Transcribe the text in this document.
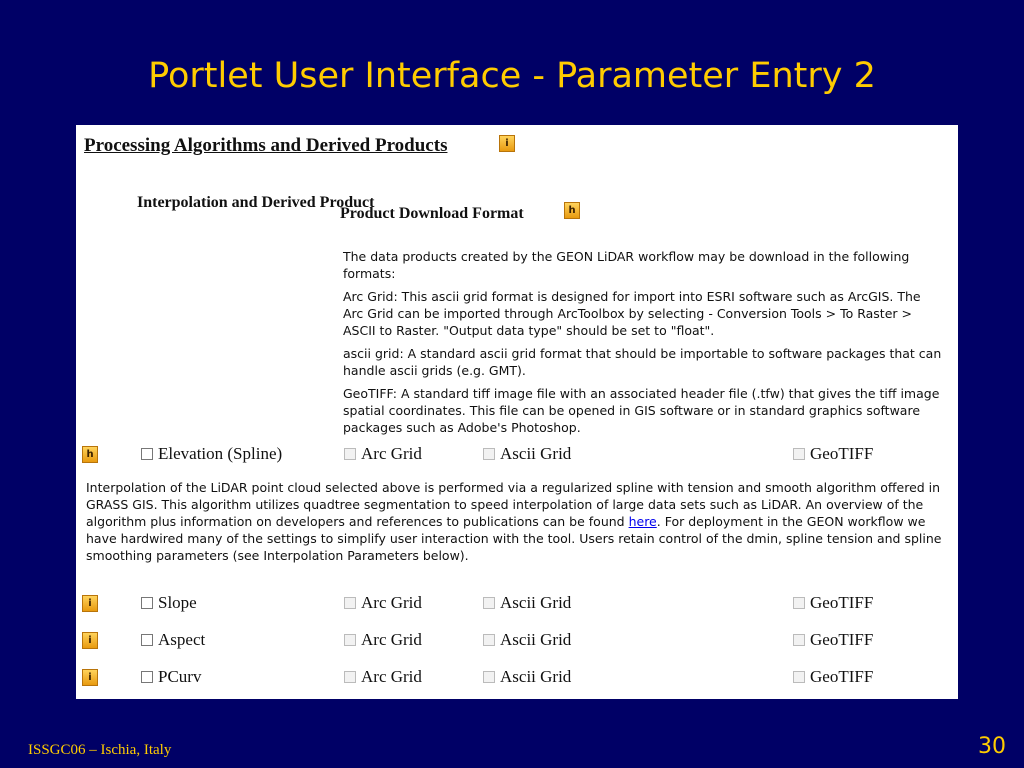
Portlet User Interface - Parameter Entry 2
Processing Algorithms and Derived Products	i
Interpolation and Derived Product
Product Download Format	h

The data products created by the GEON LiDAR workflow may be download in the following formats:

Arc Grid: This ascii grid format is designed for import into ESRI software such as ArcGIS. The Arc Grid can be imported through ArcToolbox by selecting - Conversion Tools > To Raster > ASCII to Raster. "Output data type" should be set to "float".

ascii grid: A standard ascii grid format that should be importable to software packages that can handle ascii grids (e.g. GMT).

GeoTIFF: A standard tiff image file with an associated header file (.tfw) that gives the tiff image spatial coordinates. This file can be opened in GIS software or in standard graphics software packages such as Adobe's Photoshop.

h	Elevation (Spline)	Arc Grid	Ascii Grid	GeoTIFF

Interpolation of the LiDAR point cloud selected above is performed via a regularized spline with tension and smooth algorithm offered in GRASS GIS. This algorithm utilizes quadtree segmentation to speed interpolation of large data sets such as LiDAR. An overview of the algorithm plus information on developers and references to publications can be found here. For deployment in the GEON workflow we have hardwired many of the settings to simplify user interaction with the tool. Users retain control of the dmin, spline tension and spline smoothing parameters (see Interpolation Parameters below).

i	Slope	Arc Grid	Ascii Grid	GeoTIFF
i	Aspect	Arc Grid	Ascii Grid	GeoTIFF
i	PCurv	Arc Grid	Ascii Grid	GeoTIFF
ISSGC06 – Ischia, Italy	30
